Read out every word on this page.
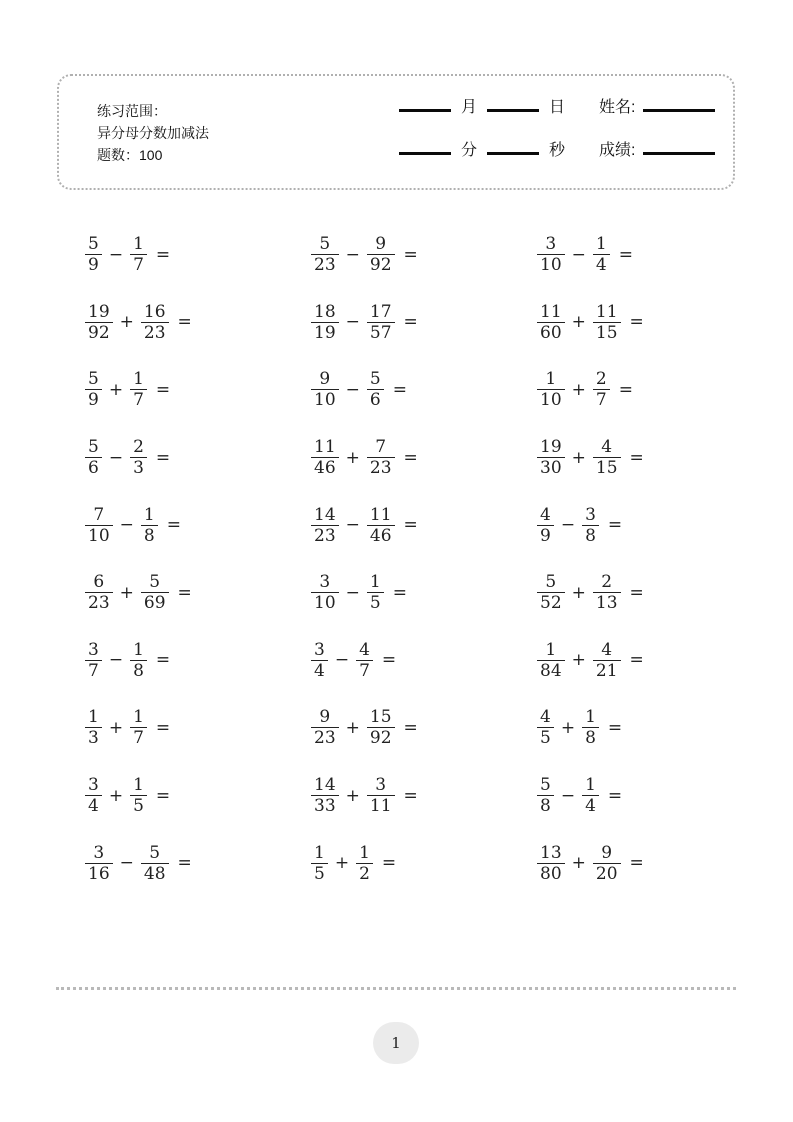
练习范围：
异分母分数加减法
题数：100
月	日 姓名:
分	秒 成绩:
$\frac{5}{9} - \frac{1}{7}$ =	$\frac{5}{23} - \frac{9}{92}$ =	$\frac{3}{10} - \frac{1}{4}$ =
$\frac{19}{92} + \frac{16}{23}$ =	$\frac{18}{19} - \frac{17}{57}$ =	$\frac{11}{60} + \frac{11}{15}$ =
$\frac{5}{9} + \frac{1}{7}$ =	$\frac{9}{10} - \frac{5}{6}$ =	$\frac{1}{10} + \frac{2}{7}$ =
$\frac{5}{6} - \frac{2}{3}$ =	$\frac{11}{46} + \frac{7}{23}$ =	$\frac{19}{30} + \frac{4}{15}$ =
$\frac{7}{10} - \frac{1}{8}$ =	$\frac{14}{23} - \frac{11}{46}$ =	$\frac{4}{9} - \frac{3}{8}$ =
$\frac{6}{23} + \frac{5}{69}$ =	$\frac{3}{10} - \frac{1}{5}$ =	$\frac{5}{52} + \frac{2}{13}$ =
$\frac{3}{7} - \frac{1}{8}$ =	$\frac{3}{4} - \frac{4}{7}$ =	$\frac{1}{84} + \frac{4}{21}$ =
$\frac{1}{3} + \frac{1}{7}$ =	$\frac{9}{23} + \frac{15}{92}$ =	$\frac{4}{5} + \frac{1}{8}$ =
$\frac{3}{4} + \frac{1}{5}$ =	$\frac{14}{33} + \frac{3}{11}$ =	$\frac{5}{8} - \frac{1}{4}$ =
$\frac{3}{16} - \frac{5}{48}$ =	$\frac{1}{5} + \frac{1}{2}$ =	$\frac{13}{80} + \frac{9}{20}$ =
1
